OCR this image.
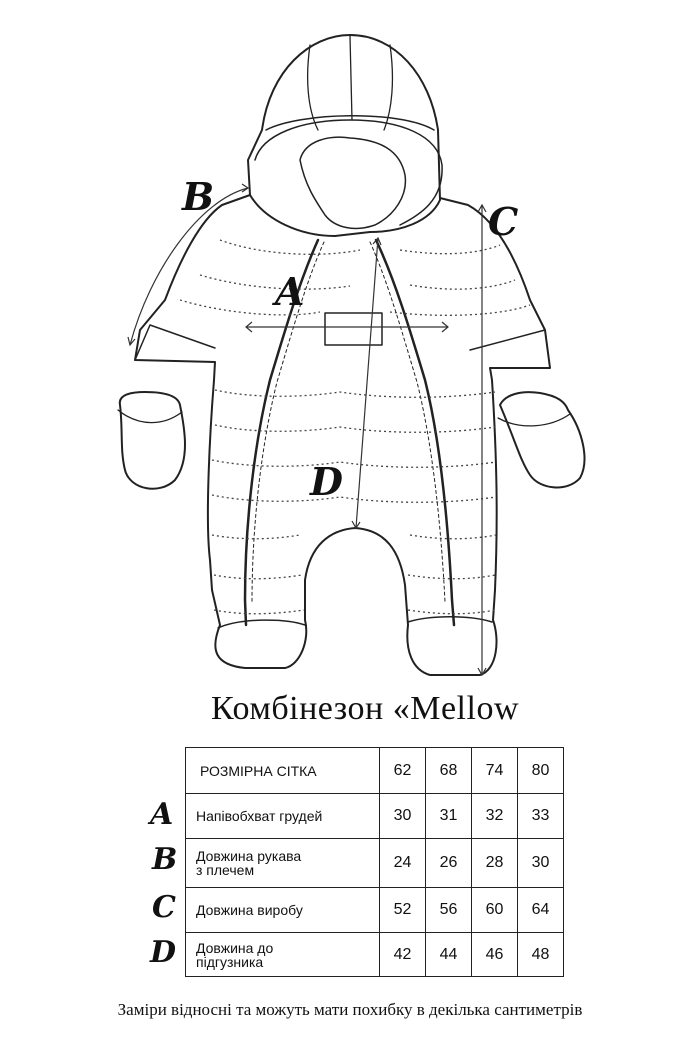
B
A
C
D
Комбінезон «Mellow
РОЗМІРНА СІТКА	62	68	74	80
Напівобхват грудей	30	31	32	33
Довжина рукава
з плечем	24	26	28	30
Довжина виробу	52	56	60	64
Довжина до
підгузника	42	44	46	48
A
B
C
D
Заміри відносні та можуть мати похибку в декілька сантиметрів
